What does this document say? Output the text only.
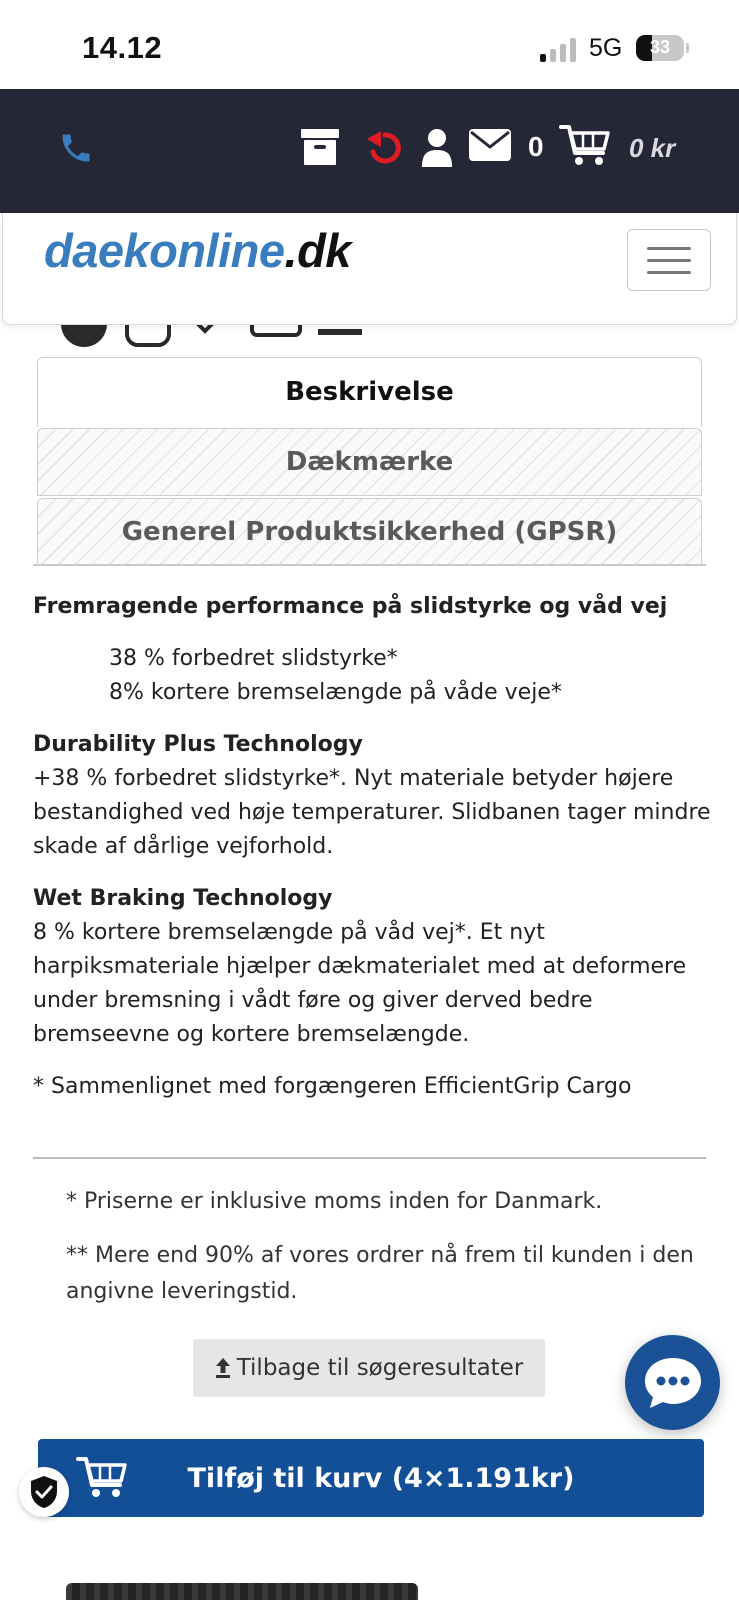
14.12	5G	33
0	0 kr
daekonline.dk
Beskrivelse
Dækmærke
Generel Produktsikkerhed (GPSR)
Fremragende performance på slidstyrke og våd vej
38 % forbedret slidstyrke*
8% kortere bremselængde på våde veje*
Durability Plus Technology
+38 % forbedret slidstyrke*. Nyt materiale betyder højere bestandighed ved høje temperaturer. Slidbanen tager mindre skade af dårlige vejforhold.
Wet Braking Technology
8 % kortere bremselængde på våd vej*. Et nyt harpiksmateriale hjælper dækmaterialet med at deformere under bremsning i vådt føre og giver derved bedre bremseevne og kortere bremselængde.
* Sammenlignet med forgængeren EfficientGrip Cargo

* Priserne er inklusive moms inden for Danmark.

** Mere end 90% af vores ordrer nå frem til kunden i den angivne leveringstid.

Tilbage til søgeresultater
Tilføj til kurv (4×1.191kr)
